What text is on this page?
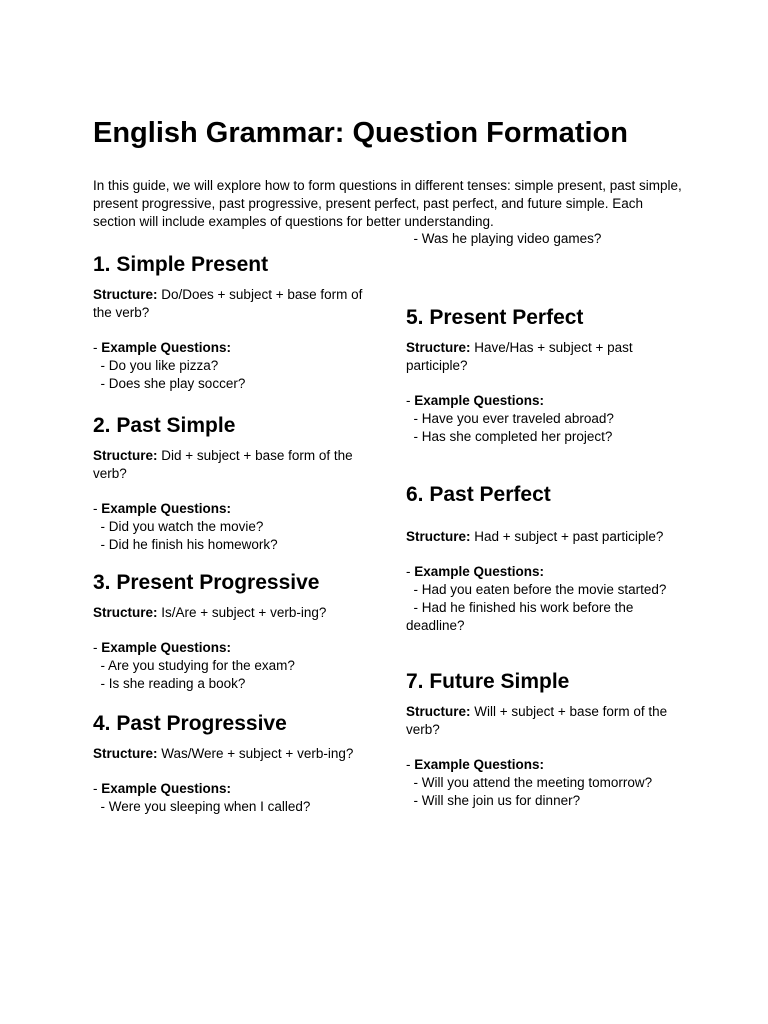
English Grammar: Question Formation

In this guide, we will explore how to form questions in different tenses: simple present, past simple, present progressive, past progressive, present perfect, past perfect, and future simple. Each section will include examples of questions for better understanding.

1. Simple Present

Structure: Do/Does + subject + base form of the verb?

- Example Questions:

- Do you like pizza?
- Does she play soccer?
2. Past Simple

Structure: Did + subject + base form of the verb?

- Example Questions:

- Did you watch the movie?
- Did he finish his homework?
3. Present Progressive

Structure: Is/Are + subject + verb-ing?

- Example Questions:

- Are you studying for the exam?
- Is she reading a book?
4. Past Progressive

Structure: Was/Were + subject + verb-ing?

- Example Questions:

- Were you sleeping when I called?

- Was he playing video games?

5. Present Perfect

Structure: Have/Has + subject + past participle?

- Example Questions:

- Have you ever traveled abroad?
- Has she completed her project?
6. Past Perfect

Structure: Had + subject + past participle?

- Example Questions:

- Had you eaten before the movie started?
- Had he finished his work before the deadline?
7. Future Simple

Structure: Will + subject + base form of the verb?

- Example Questions:

- Will you attend the meeting tomorrow?
- Will she join us for dinner?
